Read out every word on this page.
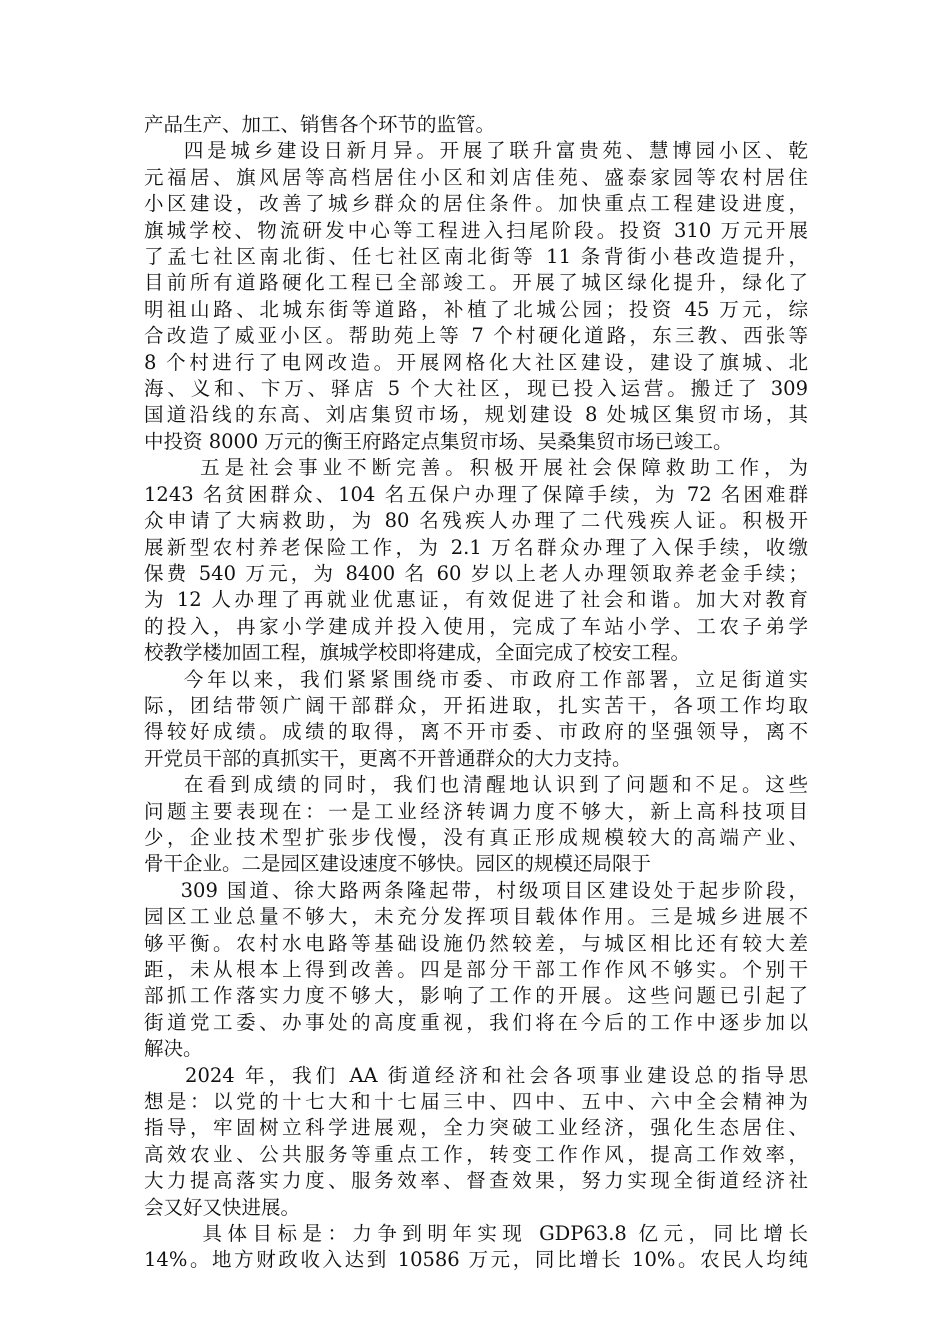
产品生产、加工、销售各个环节的监管。
四是城乡建设日新月异。开展了联升富贵苑、慧博园小区、乾
元福居、旗风居等高档居住小区和刘店佳苑、盛泰家园等农村居住
小区建设，改善了城乡群众的居住条件。加快重点工程建设进度，
旗城学校、物流研发中心等工程进入扫尾阶段。投资 310 万元开展
了孟七社区南北街、任七社区南北街等 11 条背街小巷改造提升，
目前所有道路硬化工程已全部竣工。开展了城区绿化提升，绿化了
明祖山路、北城东街等道路，补植了北城公园；投资 45 万元，综
合改造了威亚小区。帮助苑上等 7 个村硬化道路，东三教、西张等
8 个村进行了电网改造。开展网格化大社区建设，建设了旗城、北
海、义和、卞万、驿店 5 个大社区，现已投入运营。搬迁了 309
国道沿线的东高、刘店集贸市场，规划建设 8 处城区集贸市场，其
中投资 8000 万元的衡王府路定点集贸市场、吴桑集贸市场已竣工。
五是社会事业不断完善。积极开展社会保障救助工作，为
1243 名贫困群众、104 名五保户办理了保障手续，为 72 名困难群
众申请了大病救助，为 80 名残疾人办理了二代残疾人证。积极开
展新型农村养老保险工作，为 2.1 万名群众办理了入保手续，收缴
保费 540 万元，为 8400 名 60 岁以上老人办理领取养老金手续；
为 12 人办理了再就业优惠证，有效促进了社会和谐。加大对教育
的投入，冉家小学建成并投入使用，完成了车站小学、工农子弟学
校教学楼加固工程，旗城学校即将建成，全面完成了校安工程。
今年以来，我们紧紧围绕市委、市政府工作部署，立足街道实
际，团结带领广阔干部群众，开拓进取，扎实苦干，各项工作均取
得较好成绩。成绩的取得，离不开市委、市政府的坚强领导，离不
开党员干部的真抓实干，更离不开普通群众的大力支持。
在看到成绩的同时，我们也清醒地认识到了问题和不足。这些
问题主要表现在：一是工业经济转调力度不够大，新上高科技项目
少，企业技术型扩张步伐慢，没有真正形成规模较大的高端产业、
骨干企业。二是园区建设速度不够快。园区的规模还局限于
309 国道、徐大路两条隆起带，村级项目区建设处于起步阶段，
园区工业总量不够大，未充分发挥项目载体作用。三是城乡进展不
够平衡。农村水电路等基础设施仍然较差，与城区相比还有较大差
距，未从根本上得到改善。四是部分干部工作作风不够实。个别干
部抓工作落实力度不够大，影响了工作的开展。这些问题已引起了
街道党工委、办事处的高度重视，我们将在今后的工作中逐步加以
解决。
2024 年，我们 AA 街道经济和社会各项事业建设总的指导思
想是：以党的十七大和十七届三中、四中、五中、六中全会精神为
指导，牢固树立科学进展观，全力突破工业经济，强化生态居住、
高效农业、公共服务等重点工作，转变工作作风，提高工作效率，
大力提高落实力度、服务效率、督查效果，努力实现全街道经济社
会又好又快进展。
具体目标是：力争到明年实现 GDP63.8 亿元，同比增长
14%。地方财政收入达到 10586 万元，同比增长 10%。农民人均纯
